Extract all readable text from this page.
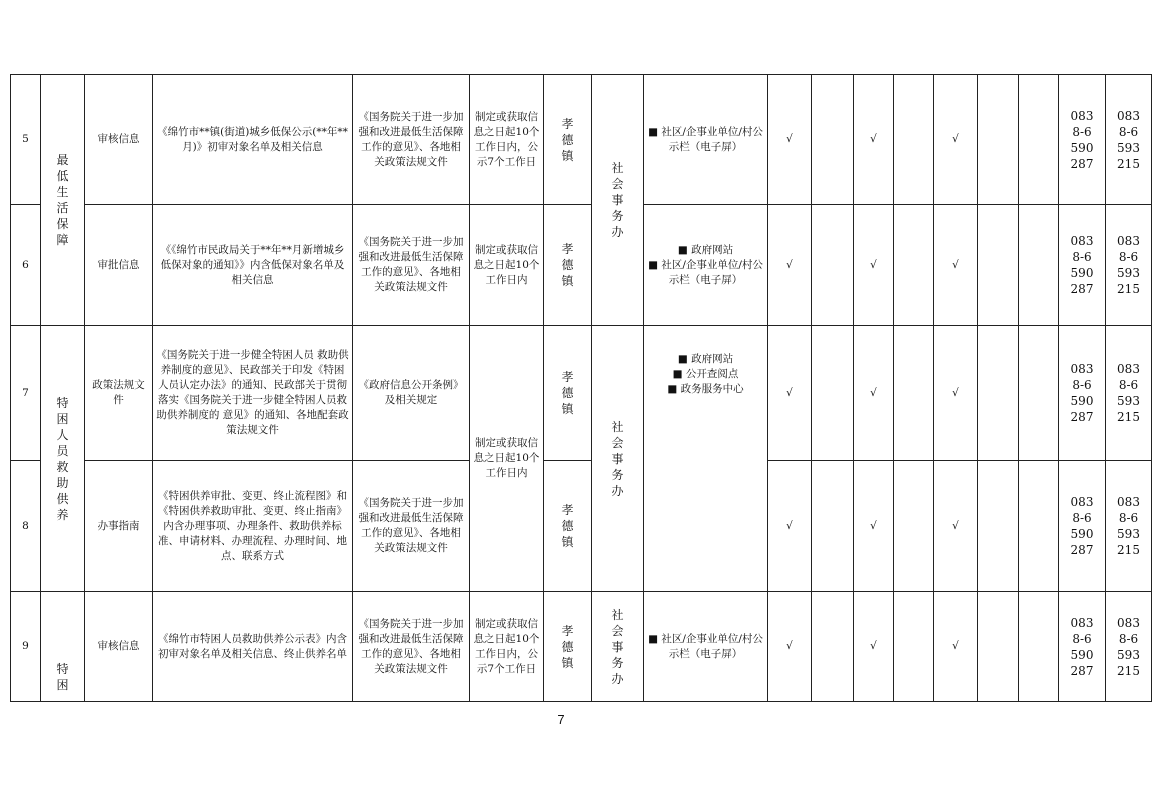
5	最低生活保障	审核信息	《绵竹市**镇(街道)城乡低保公示(**年**月)》初审对象名单及相关信息	《国务院关于进一步加强和改进最低生活保障工作的意见》、各地相关政策法规文件	制定或获取信息之日起10个工作日内，公示7个工作日	孝德镇	社会事务办	■ 社区/企事业单位/村公示栏（电子屏）	√		√		√			0838-6590287	0838-6593215

6		审批信息	《《绵竹市民政局关于**年**月新增城乡低保对象的通知》》内含低保对象名单及相关信息	《国务院关于进一步加强和改进最低生活保障工作的意见》、各地相关政策法规文件	制定或获取信息之日起10个工作日内	孝德镇		■ 政府网站
■ 社区/企事业单位/村公示栏（电子屏）	√		√		√			0838-6590287	0838-6593215

7	特困人员救助供养	政策法规文件	《国务院关于进一步健全特困人员 救助供养制度的意见》、民政部关于印发《特困人员认定办法》的通知、民政部关于贯彻落实《国务院关于进一步健全特困人员救助供养制度的 意见》的通知、各地配套政策法规文件	《政府信息公开条例》及相关规定	制定或获取信息之日起10个工作日内	孝德镇	社会事务办	■ 政府网站
■ 公开查阅点
■ 政务服务中心	√		√		√			0838-6590287	0838-6593215

8		办事指南	《特困供养审批、变更、终止流程图》和《特困供养救助审批、变更、终止指南》内含办理事项、办理条件、救助供养标准、申请材料、办理流程、办理时间、地点、联系方式	《国务院关于进一步加强和改进最低生活保障工作的意见》、各地相关政策法规文件		孝德镇			√		√		√			0838-6590287	0838-6593215

9	特困	审核信息	《绵竹市特困人员救助供养公示表》内含初审对象名单及相关信息、终止供养名单	《国务院关于进一步加强和改进最低生活保障工作的意见》、各地相关政策法规文件	制定或获取信息之日起10个工作日内，公示7个工作日	孝德镇	社会事务办	■ 社区/企事业单位/村公示栏（电子屏）	√		√		√			0838-6590287	0838-6593215
7
